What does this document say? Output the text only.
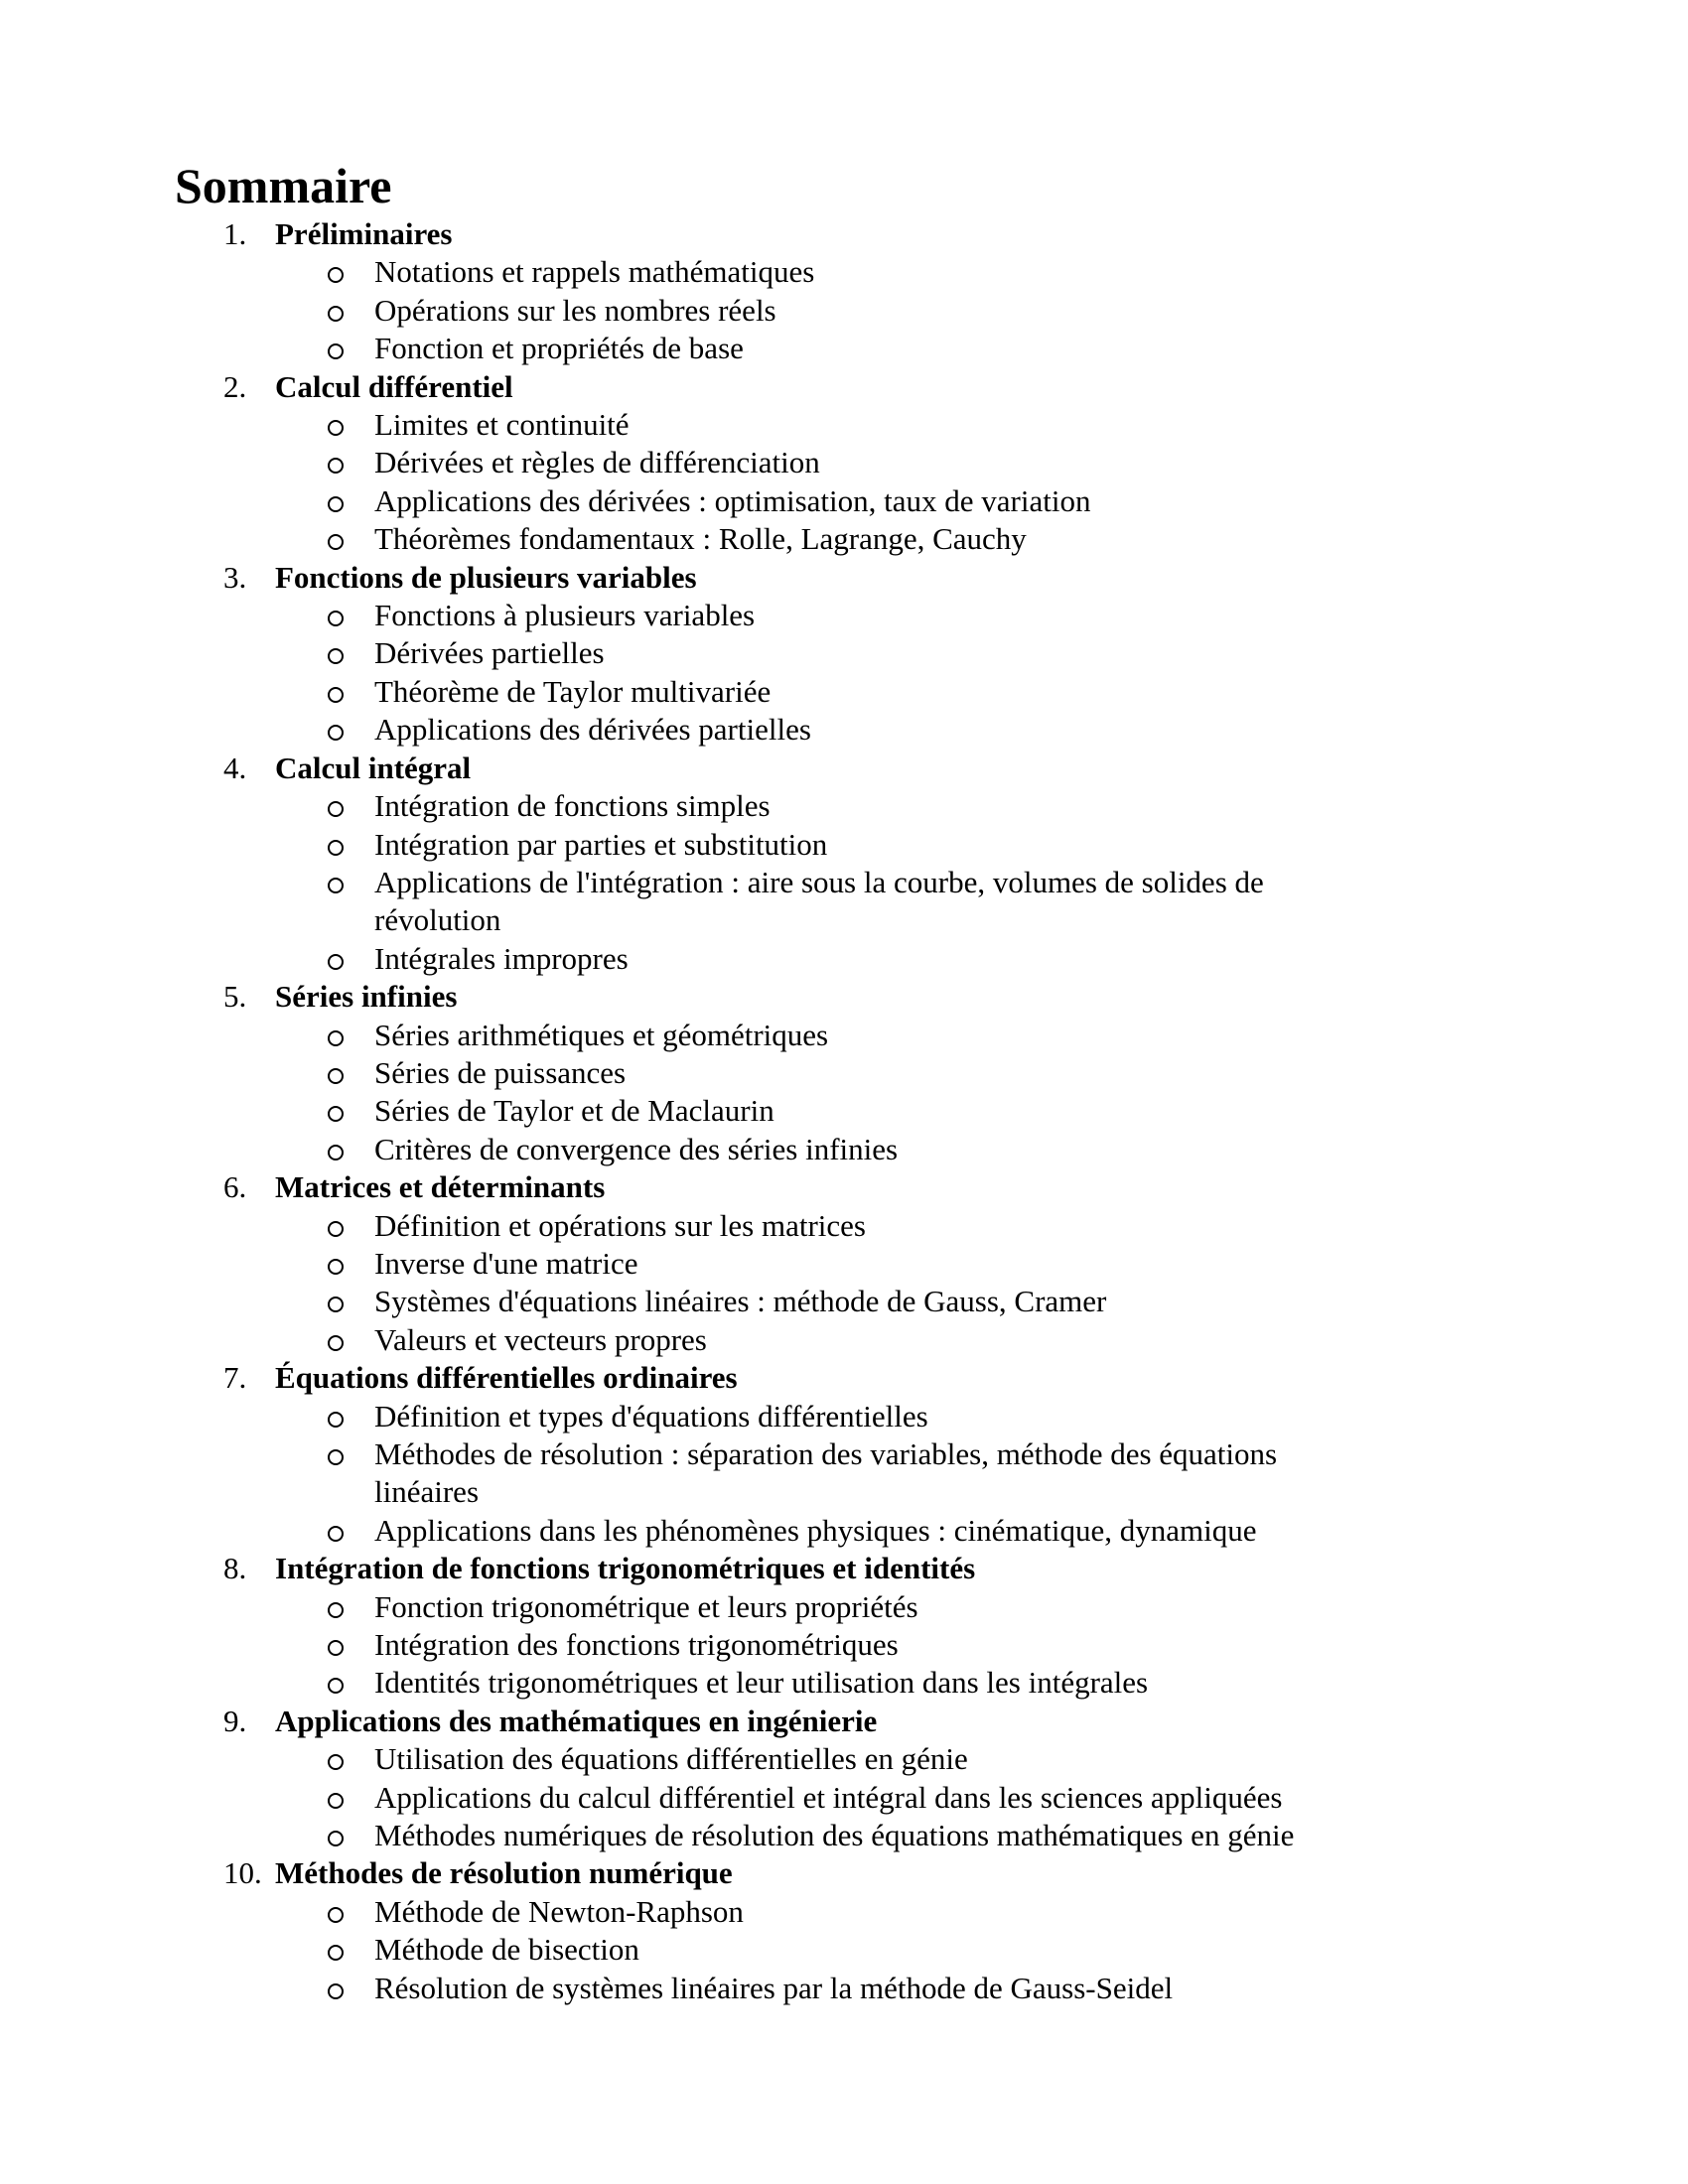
Sommaire
1. Préliminaires
Notations et rappels mathématiques
Opérations sur les nombres réels
Fonction et propriétés de base
2. Calcul différentiel
Limites et continuité
Dérivées et règles de différenciation
Applications des dérivées : optimisation, taux de variation
Théorèmes fondamentaux : Rolle, Lagrange, Cauchy
3. Fonctions de plusieurs variables
Fonctions à plusieurs variables
Dérivées partielles
Théorème de Taylor multivariée
Applications des dérivées partielles
4. Calcul intégral
Intégration de fonctions simples
Intégration par parties et substitution
Applications de l'intégration : aire sous la courbe, volumes de solides de
révolution
Intégrales impropres
5. Séries infinies
Séries arithmétiques et géométriques
Séries de puissances
Séries de Taylor et de Maclaurin
Critères de convergence des séries infinies
6. Matrices et déterminants
Définition et opérations sur les matrices
Inverse d'une matrice
Systèmes d'équations linéaires : méthode de Gauss, Cramer
Valeurs et vecteurs propres
7. Équations différentielles ordinaires
Définition et types d'équations différentielles
Méthodes de résolution : séparation des variables, méthode des équations
linéaires
Applications dans les phénomènes physiques : cinématique, dynamique
8. Intégration de fonctions trigonométriques et identités
Fonction trigonométrique et leurs propriétés
Intégration des fonctions trigonométriques
Identités trigonométriques et leur utilisation dans les intégrales
9. Applications des mathématiques en ingénierie
Utilisation des équations différentielles en génie
Applications du calcul différentiel et intégral dans les sciences appliquées
Méthodes numériques de résolution des équations mathématiques en génie
10. Méthodes de résolution numérique
Méthode de Newton-Raphson
Méthode de bisection
Résolution de systèmes linéaires par la méthode de Gauss-Seidel
